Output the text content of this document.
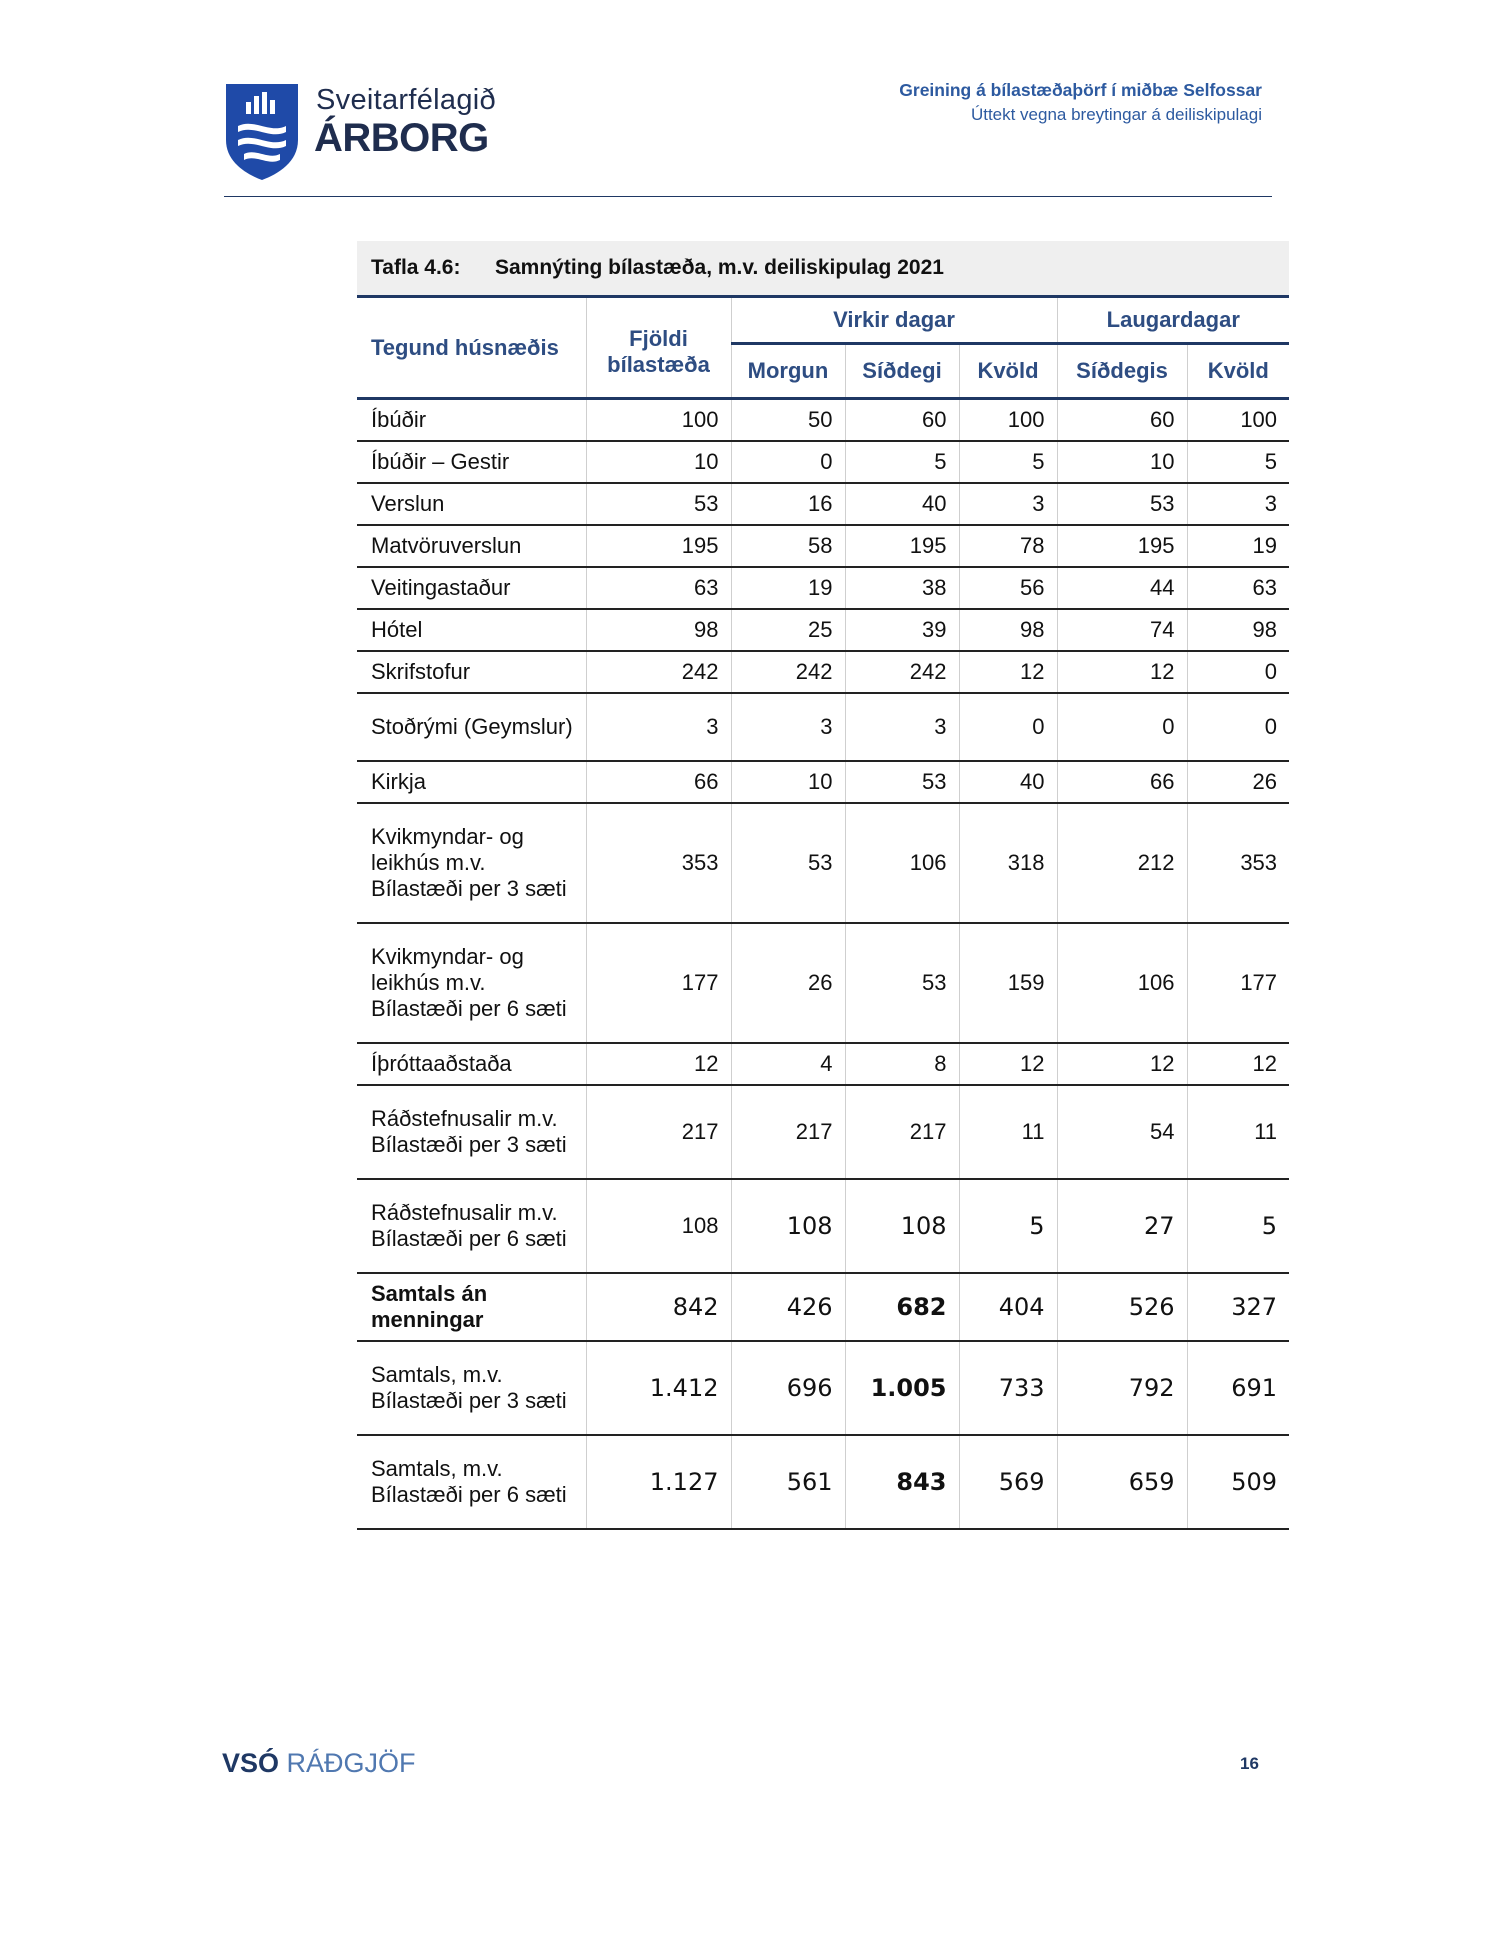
Sveitarfélagið
ÁRBORG
Greining á bílastæðaþörf í miðbæ Selfossar
Úttekt vegna breytingar á deiliskipulagi
Tafla 4.6: Samnýting bílastæða, m.v. deiliskipulag 2021
Tegund húsnæðis	Fjöldi bílastæða	Virkir dagar			Laugardagar	
		Morgun	Síðdegi	Kvöld	Síðdegis	Kvöld
Íbúðir	100	50	60	100	60	100
Íbúðir – Gestir	10	0	5	5	10	5
Verslun	53	16	40	3	53	3
Matvöruverslun	195	58	195	78	195	19
Veitingastaður	63	19	38	56	44	63
Hótel	98	25	39	98	74	98
Skrifstofur	242	242	242	12	12	0
Stoðrými (Geymslur)	3	3	3	0	0	0
Kirkja	66	10	53	40	66	26
Kvikmyndar- og leikhús m.v. Bílastæði per 3 sæti	353	53	106	318	212	353
Kvikmyndar- og leikhús m.v. Bílastæði per 6 sæti	177	26	53	159	106	177
Íþróttaaðstaða	12	4	8	12	12	12
Ráðstefnusalir m.v. Bílastæði per 3 sæti	217	217	217	11	54	11
Ráðstefnusalir m.v. Bílastæði per 6 sæti	108	108	108	5	27	5
Samtals án menningar	842	426	682	404	526	327
Samtals, m.v. Bílastæði per 3 sæti	1.412	696	1.005	733	792	691
Samtals, m.v. Bílastæði per 6 sæti	1.127	561	843	569	659	509
VSÓ RÁÐGJÖF	16
